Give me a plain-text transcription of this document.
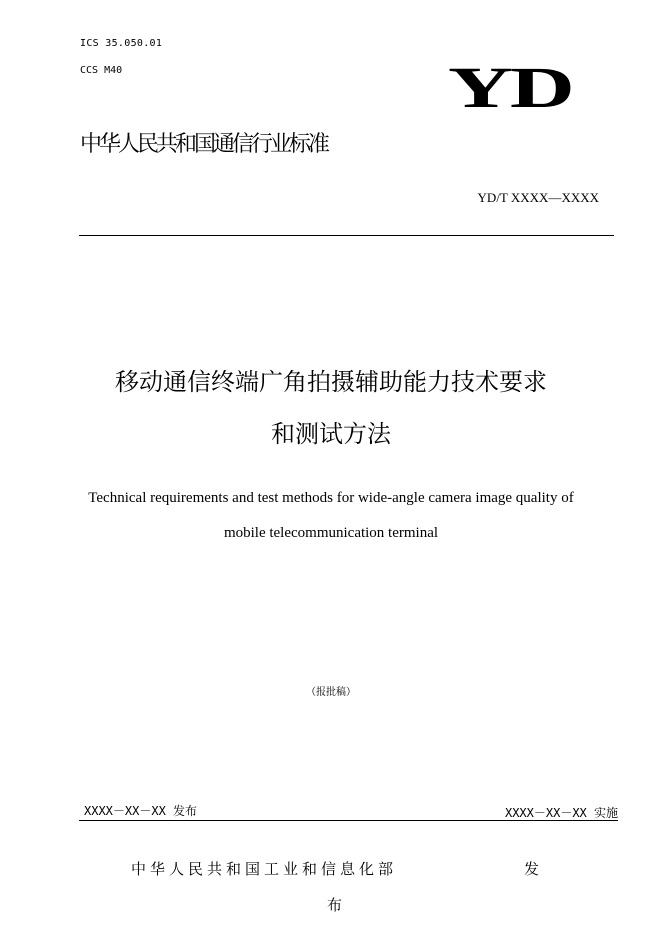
ICS 35.050.01
CCS M40	YD
中华人民共和国通信行业标准
YD/T XXXX—XXXX
移动通信终端广角拍摄辅助能力技术要求
和测试方法
Technical requirements and test methods for wide-angle camera image quality of
mobile telecommunication terminal
（报批稿）
XXXX－XX－XX 发布	XXXX－XX－XX 实施
中华人民共和国工业和信息化部	发
布
